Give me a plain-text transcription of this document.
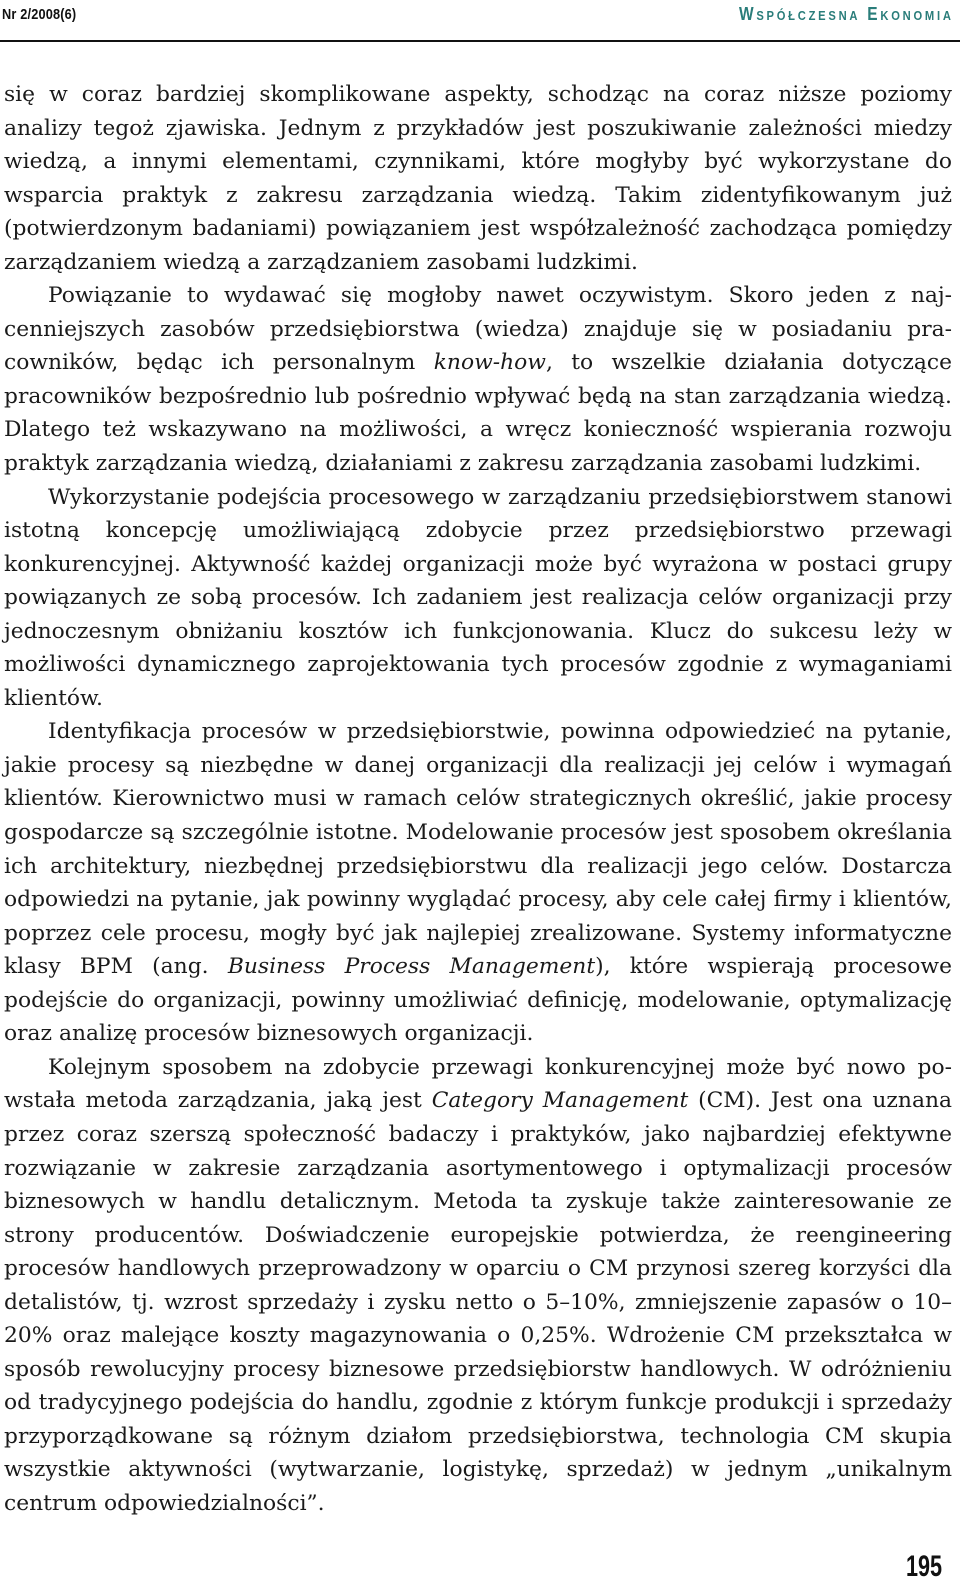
Nr 2/2008(6)	Współczesna Ekonomia

się w coraz bardziej skomplikowane aspekty, schodząc na coraz niższe poziomy analizy tegoż zjawiska. Jednym z przykładów jest poszukiwanie zależności miedzy wiedzą, a innymi elementami, czynnikami, które mogłyby być wykorzystane do wsparcia praktyk z zakresu zarządzania wiedzą. Takim zidentyfikowanym już (potwierdzonym badaniami) powiązaniem jest współzależność zachodząca pomiędzy zarządzaniem wiedzą a zarządzaniem zasobami ludzkimi.

Powiązanie to wydawać się mogłoby nawet oczywistym. Skoro jeden z najcenniejszych zasobów przedsiębiorstwa (wiedza) znajduje się w posiadaniu pracowników, będąc ich personalnym know-how, to wszelkie działania dotyczące pracowników bezpośrednio lub pośrednio wpływać będą na stan zarządzania wiedzą. Dlatego też wskazywano na możliwości, a wręcz konieczność wspierania rozwoju praktyk zarządzania wiedzą, działaniami z zakresu zarządzania zasobami ludzkimi.

Wykorzystanie podejścia procesowego w zarządzaniu przedsiębiorstwem stanowi istotną koncepcję umożliwiającą zdobycie przez przedsiębiorstwo przewagi konkurencyjnej. Aktywność każdej organizacji może być wyrażona w postaci grupy powiązanych ze sobą procesów. Ich zadaniem jest realizacja celów organizacji przy jednoczesnym obniżaniu kosztów ich funkcjonowania. Klucz do sukcesu leży w możliwości dynamicznego zaprojektowania tych procesów zgodnie z wymaganiami klientów.

Identyfikacja procesów w przedsiębiorstwie, powinna odpowiedzieć na pytanie, jakie procesy są niezbędne w danej organizacji dla realizacji jej celów i wymagań klientów. Kierownictwo musi w ramach celów strategicznych określić, jakie procesy gospodarcze są szczególnie istotne. Modelowanie procesów jest sposobem określania ich architektury, niezbędnej przedsiębiorstwu dla realizacji jego celów. Dostarcza odpowiedzi na pytanie, jak powinny wyglądać procesy, aby cele całej firmy i klientów, poprzez cele procesu, mogły być jak najlepiej zrealizowane. Systemy informatyczne klasy BPM (ang. Business Process Management), które wspierają procesowe podejście do organizacji, powinny umożliwiać definicję, modelowanie, optymalizację oraz analizę procesów biznesowych organizacji.

Kolejnym sposobem na zdobycie przewagi konkurencyjnej może być nowo powstała metoda zarządzania, jaką jest Category Management (CM). Jest ona uznana przez coraz szerszą społeczność badaczy i praktyków, jako najbardziej efektywne rozwiązanie w zakresie zarządzania asortymentowego i optymalizacji procesów biznesowych w handlu detalicznym. Metoda ta zyskuje także zainteresowanie ze strony producentów. Doświadczenie europejskie potwierdza, że reengineering procesów handlowych przeprowadzony w oparciu o CM przynosi szereg korzyści dla detalistów, tj. wzrost sprzedaży i zysku netto o 5–10%, zmniejszenie zapasów o 10–20% oraz malejące koszty magazynowania o 0,25%. Wdrożenie CM przekształca w sposób rewolucyjny procesy biznesowe przedsiębiorstw handlowych. W odróżnieniu od tradycyjnego podejścia do handlu, zgodnie z którym funkcje produkcji i sprzedaży przyporządkowane są różnym działom przedsiębiorstwa, technologia CM skupia wszystkie aktywności (wytwarzanie, logistykę, sprzedaż) w jednym „unikalnym centrum odpowiedzialności”.

195
